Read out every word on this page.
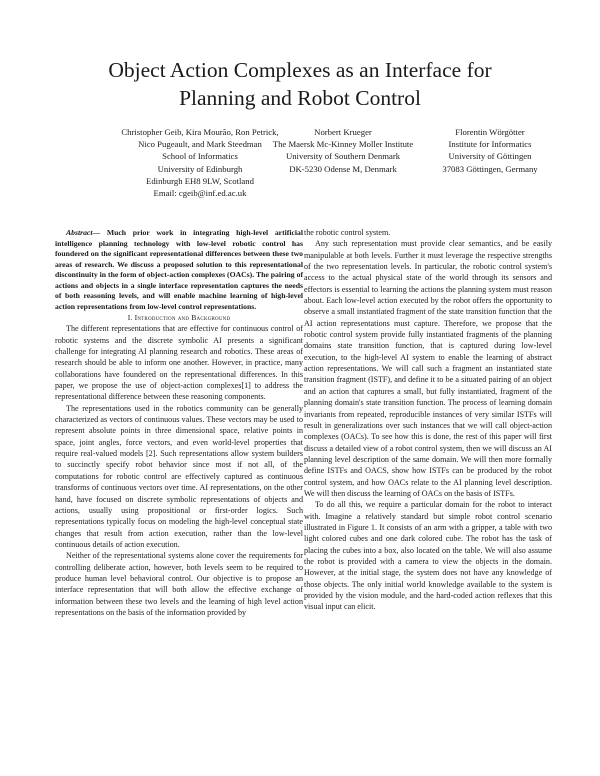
Object Action Complexes as an Interface for
Planning and Robot Control
Christopher Geib, Kira Mourão, Ron Petrick,
Nico Pugeault, and Mark Steedman
School of Informatics
University of Edinburgh
Edinburgh EH8 9LW, Scotland
Email: cgeib@inf.ed.ac.uk
Norbert Krueger
The Maersk Mc-Kinney Moller Institute
University of Southern Denmark
DK-5230 Odense M, Denmark
Florentin Wörgötter
Institute for Informatics
University of Göttingen
37083 Göttingen, Germany

Abstract— Much prior work in integrating high-level artificial intelligence planning technology with low-level robotic control has foundered on the significant representational differences between these two areas of research. We discuss a proposed solution to this representational discontinuity in the form of object-action complexes (OACs). The pairing of actions and objects in a single interface representation captures the needs of both reasoning levels, and will enable machine learning of high-level action representations from low-level control representations.

I. Introduction and Background

The different representations that are effective for continuous control of robotic systems and the discrete symbolic AI presents a significant challenge for integrating AI planning research and robotics. These areas of research should be able to inform one another. However, in practice, many collaborations have foundered on the representational differences. In this paper, we propose the use of object-action complexes[1] to address the representational difference between these reasoning components.

The representations used in the robotics community can be generally characterized as vectors of continuous values. These vectors may be used to represent absolute points in three dimensional space, relative points in space, joint angles, force vectors, and even world-level properties that require real-valued models [2]. Such representations allow system builders to succinctly specify robot behavior since most if not all, of the computations for robotic control are effectively captured as continuous transforms of continuous vectors over time. AI representations, on the other hand, have focused on discrete symbolic representations of objects and actions, usually using propositional or first-order logics. Such representations typically focus on modeling the high-level conceptual state changes that result from action execution, rather than the low-level continuous details of action execution.

Neither of the representational systems alone cover the requirements for controlling deliberate action, however, both levels seem to be required to produce human level behavioral control. Our objective is to propose an interface representation that will both allow the effective exchange of information between these two levels and the learning of high level action representations on the basis of the information provided by

the robotic control system.

Any such representation must provide clear semantics, and be easily manipulable at both levels. Further it must leverage the respective strengths of the two representation levels. In particular, the robotic control system's access to the actual physical state of the world through its sensors and effectors is essential to learning the actions the planning system must reason about. Each low-level action executed by the robot offers the opportunity to observe a small instantiated fragment of the state transition function that the AI action representations must capture. Therefore, we propose that the robotic control system provide fully instantiated fragments of the planning domains state transition function, that is captured during low-level execution, to the high-level AI system to enable the learning of abstract action representations. We will call such a fragment an instantiated state transition fragment (ISTF), and define it to be a situated pairing of an object and an action that captures a small, but fully instantiated, fragment of the planning domain's state transition function. The process of learning domain invariants from repeated, reproducible instances of very similar ISTFs will result in generalizations over such instances that we will call object-action complexes (OACs). To see how this is done, the rest of this paper will first discuss a detailed view of a robot control system, then we will discuss an AI planning level description of the same domain. We will then more formally define ISTFs and OACS, show how ISTFs can be produced by the robot control system, and how OACs relate to the AI planning level description. We will then discuss the learning of OACs on the basis of ISTFs.

To do all this, we require a particular domain for the robot to interact with. Imagine a relatively standard but simple robot control scenario illustrated in Figure 1. It consists of an arm with a gripper, a table with two light colored cubes and one dark colored cube. The robot has the task of placing the cubes into a box, also located on the table. We will also assume the robot is provided with a camera to view the objects in the domain. However, at the initial stage, the system does not have any knowledge of those objects. The only initial world knowledge available to the system is provided by the vision module, and the hard-coded action reflexes that this visual input can elicit.
